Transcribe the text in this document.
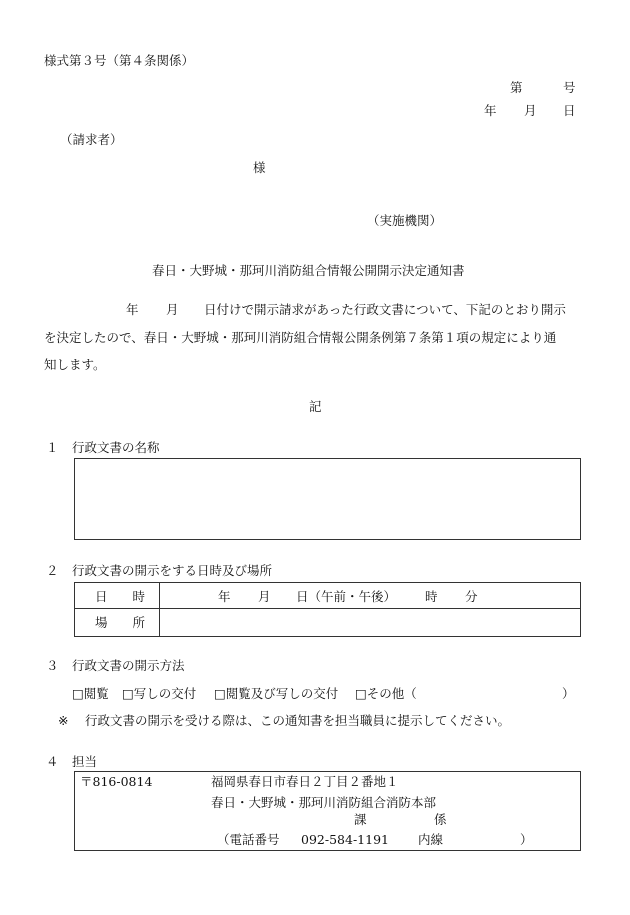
様式第３号（第４条関係）
第	号
年 月 日
（請求者）
様
（実施機関）
春日・大野城・那珂川消防組合情報公開開示決定通知書
年 月 日付けで開示請求があった行政文書について、下記のとおり開示
を決定したので、春日・大野城・那珂川消防組合情報公開条例第７条第１項の規定により通
知します。
記
１ 行政文書の名称
２ 行政文書の開示をする日時及び場所
日　　時	年 月 日（午前・午後） 時 分
場　　所
３ 行政文書の開示方法
□閲覧 □写しの交付 □閲覧及び写しの交付 □その他（	）
※ 行政文書の開示を受ける際は、この通知書を担当職員に提示してください。
４ 担当
〒816-0814	福岡県春日市春日２丁目２番地１
春日・大野城・那珂川消防組合消防本部
課	係
（電話番号 092-584-1191 内線	）
